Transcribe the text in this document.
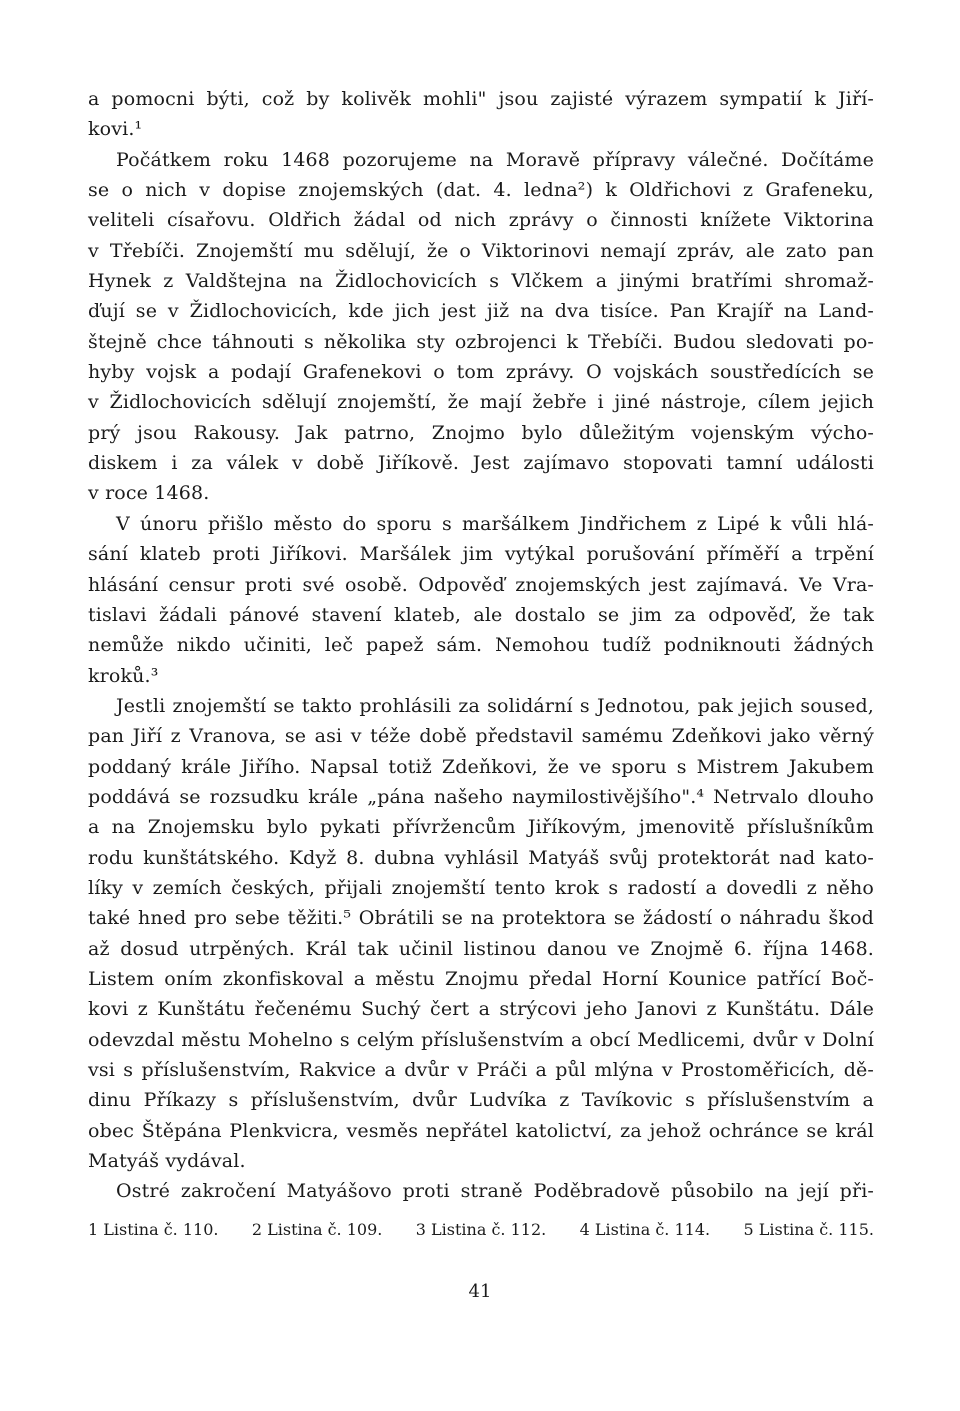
a pomocni býti, což by kolivěk mohli" jsou zajisté výrazem sympatií k Jiří-
kovi.¹
Počátkem roku 1468 pozorujeme na Moravě přípravy válečné. Dočítáme
se o nich v dopise znojemských (dat. 4. ledna²) k Oldřichovi z Grafeneku,
veliteli císařovu. Oldřich žádal od nich zprávy o činnosti knížete Viktorina
v Třebíči. Znojemští mu sdělují, že o Viktorinovi nemají zpráv, ale zato pan
Hynek z Valdštejna na Židlochovicích s Vlčkem a jinými bratřími shromaž-
ďují se v Židlochovicích, kde jich jest již na dva tisíce. Pan Krajíř na Land-
štejně chce táhnouti s několika sty ozbrojenci k Třebíči. Budou sledovati po-
hyby vojsk a podají Grafenekovi o tom zprávy. O vojskách soustředících se
v Židlochovicích sdělují znojemští, že mají žebře i jiné nástroje, cílem jejich
prý jsou Rakousy. Jak patrno, Znojmo bylo důležitým vojenským výcho-
diskem i za válek v době Jiříkově. Jest zajímavo stopovati tamní události
v roce 1468.
V únoru přišlo město do sporu s maršálkem Jindřichem z Lipé k vůli hlá-
sání klateb proti Jiříkovi. Maršálek jim vytýkal porušování příměří a trpění
hlásání censur proti své osobě. Odpověď znojemských jest zajímavá. Ve Vra-
tislavi žádali pánové stavení klateb, ale dostalo se jim za odpověď, že tak
nemůže nikdo učiniti, leč papež sám. Nemohou tudíž podniknouti žádných
kroků.³
Jestli znojemští se takto prohlásili za solidární s Jednotou, pak jejich soused,
pan Jiří z Vranova, se asi v téže době představil samému Zdeňkovi jako věrný
poddaný krále Jiřího. Napsal totiž Zdeňkovi, že ve sporu s Mistrem Jakubem
poddává se rozsudku krále „pána našeho naymilostivějšího".⁴ Netrvalo dlouho
a na Znojemsku bylo pykati přívržencům Jiříkovým, jmenovitě příslušníkům
rodu kunštátského. Když 8. dubna vyhlásil Matyáš svůj protektorát nad kato-
líky v zemích českých, přijali znojemští tento krok s radostí a dovedli z něho
také hned pro sebe těžiti.⁵ Obrátili se na protektora se žádostí o náhradu škod
až dosud utrpěných. Král tak učinil listinou danou ve Znojmě 6. října 1468.
Listem oním zkonfiskoval a městu Znojmu předal Horní Kounice patřící Boč-
kovi z Kunštátu řečenému Suchý čert a strýcovi jeho Janovi z Kunštátu. Dále
odevzdal městu Mohelno s celým příslušenstvím a obcí Medlicemi, dvůr v Dolní
vsi s příslušenstvím, Rakvice a dvůr v Práči a půl mlýna v Prostoměřicích, dě-
dinu Příkazy s příslušenstvím, dvůr Ludvíka z Tavíkovic s příslušenstvím a
obec Štěpána Plenkvicra, vesměs nepřátel katolictví, za jehož ochránce se král
Matyáš vydával.
Ostré zakročení Matyášovo proti straně Poděbradově působilo na její při-
1 Listina č. 110. 2 Listina č. 109. 3 Listina č. 112. 4 Listina č. 114. 5 Listina č. 115.
41
